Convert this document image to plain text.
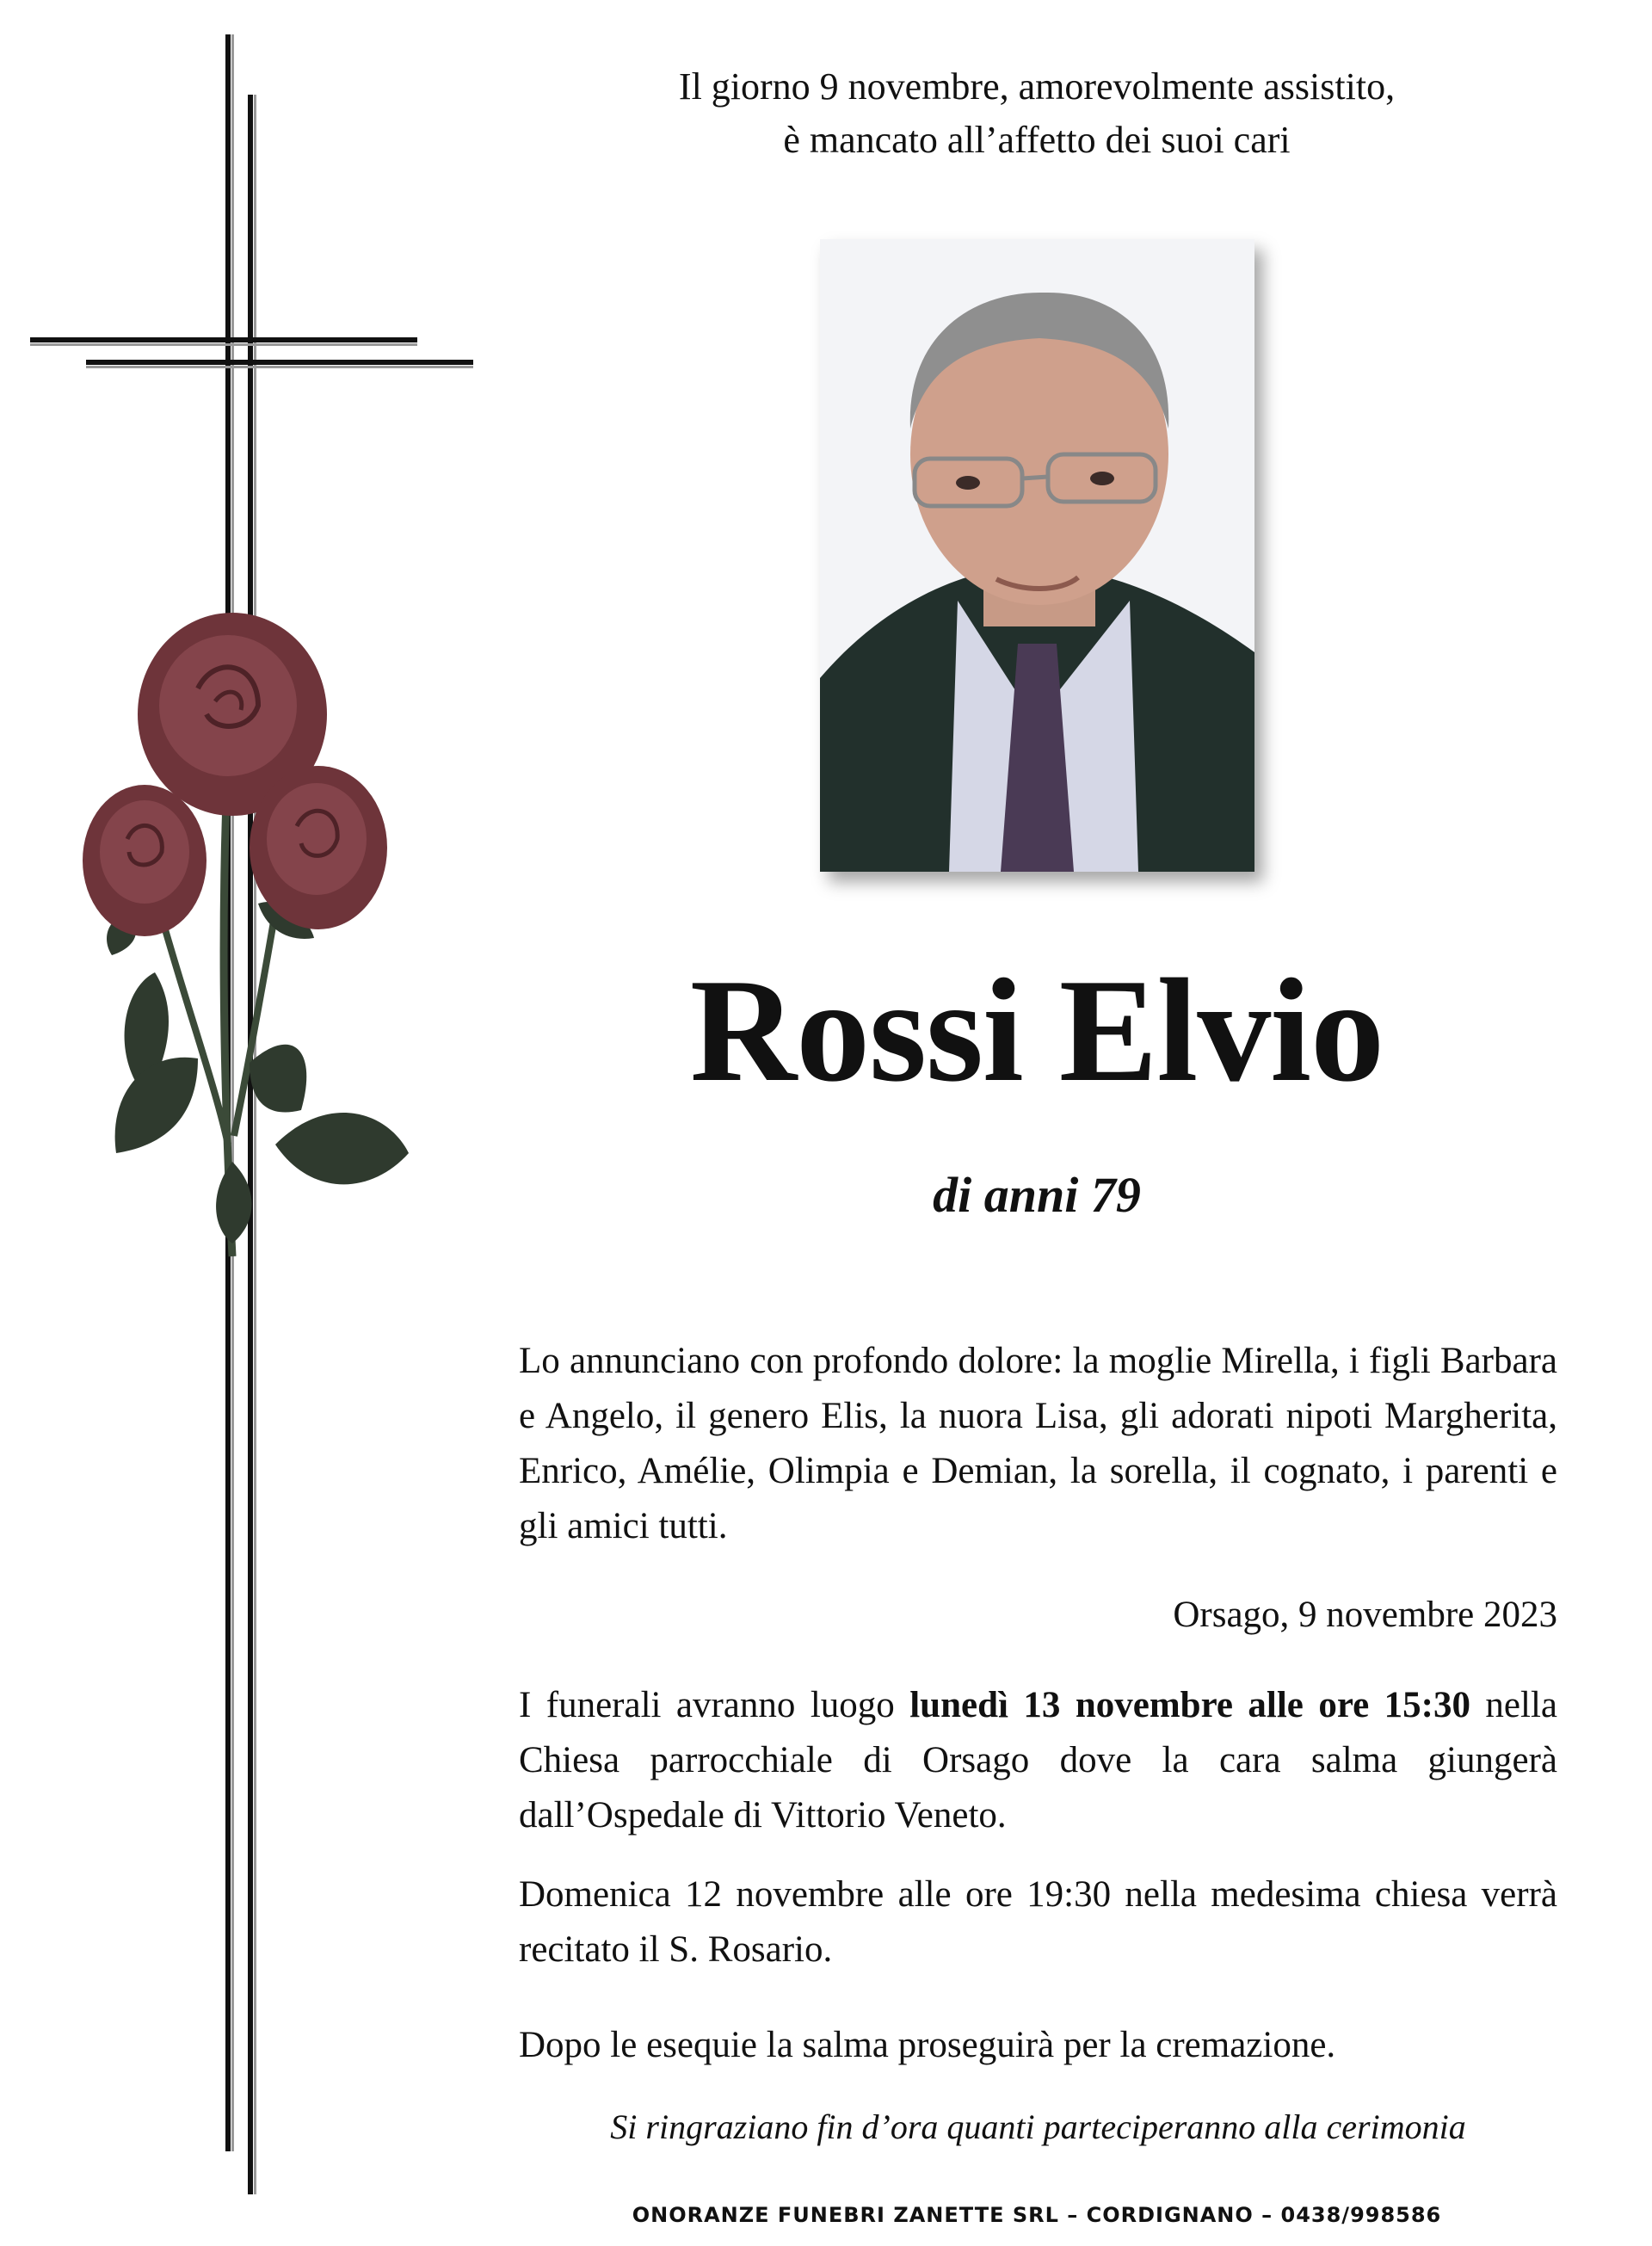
Il giorno 9 novembre, amorevolmente assistito,
è mancato all’affetto dei suoi cari
Rossi Elvio
di anni 79
Lo annunciano con profondo dolore: la moglie Mirella, i figli Barbara e Angelo, il genero Elis, la nuora Lisa, gli adorati nipoti Margherita, Enrico, Amélie, Olimpia e Demian, la sorella, il cognato, i parenti e gli amici tutti.
Orsago, 9 novembre 2023
I funerali avranno luogo lunedì 13 novembre alle ore 15:30 nella Chiesa parrocchiale di Orsago dove la cara salma giungerà dall’Ospedale di Vittorio Veneto.
Domenica 12 novembre alle ore 19:30 nella medesima chiesa verrà recitato il S. Rosario.
Dopo le esequie la salma proseguirà per la cremazione.
Si ringraziano fin d’ora quanti parteciperanno alla cerimonia
ONORANZE FUNEBRI ZANETTE SRL – CORDIGNANO – 0438/998586
